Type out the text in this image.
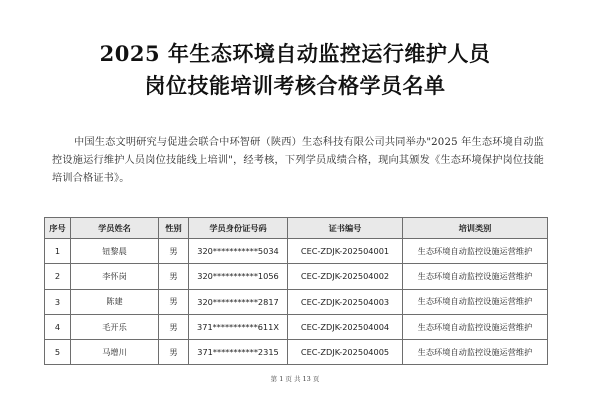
2025 年生态环境自动监控运行维护人员
岗位技能培训考核合格学员名单

中国生态文明研究与促进会联合中环智研（陕西）生态科技有限公司共同举办"2025 年生态环境自动监控设施运行维护人员岗位技能线上培训"，经考核，下列学员成绩合格，现向其颁发《生态环境保护岗位技能培训合格证书》。

序号	学员姓名	性别	学员身份证号码	证书编号	培训类别
1	钮黎晨	男	320***********5034	CEC-ZDJK-202504001	生态环境自动监控设施运营维护
2	李怀岗	男	320***********1056	CEC-ZDJK-202504002	生态环境自动监控设施运营维护
3	陈建	男	320***********2817	CEC-ZDJK-202504003	生态环境自动监控设施运营维护
4	毛开乐	男	371***********611X	CEC-ZDJK-202504004	生态环境自动监控设施运营维护
5	马增川	男	371***********2315	CEC-ZDJK-202504005	生态环境自动监控设施运营维护
第 1 页 共 13 页
